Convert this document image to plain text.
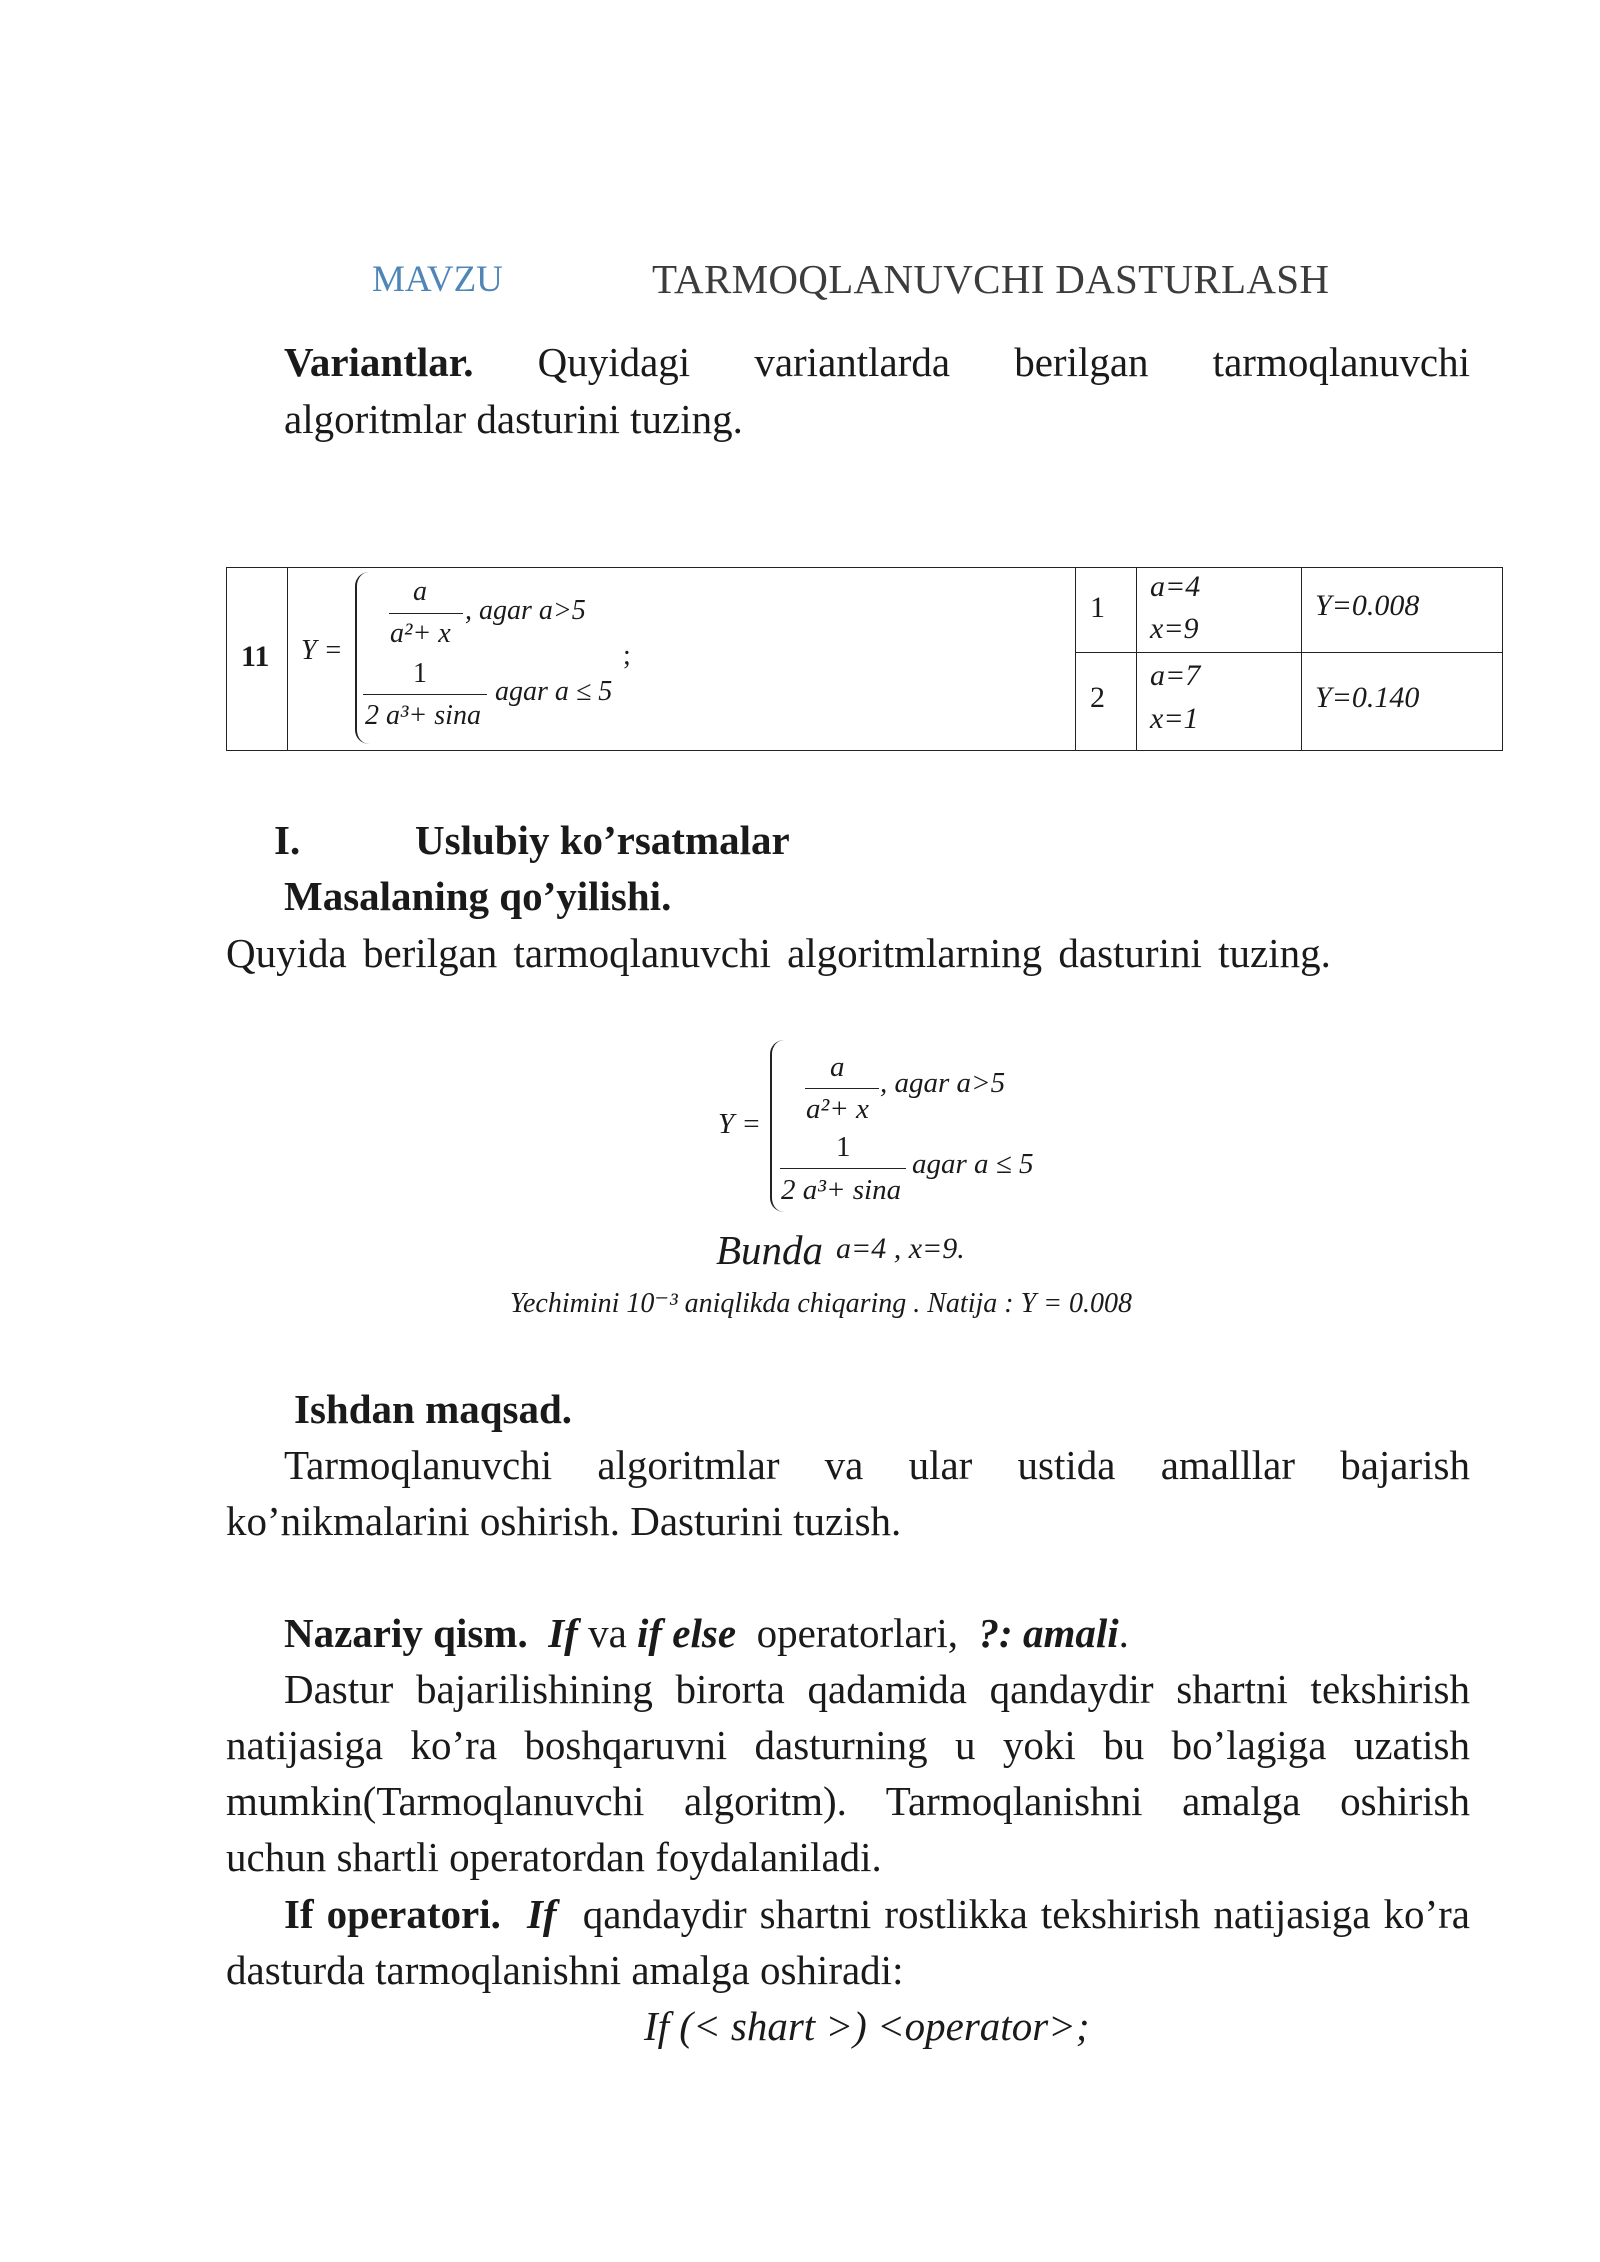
MAVZU	TARMOQLANUVCHI DASTURLASH
Variantlar. Quyidagi variantlarda berilgan tarmoqlanuvchi
algoritmlar dasturini tuzing.
11 Y =
a
a²+ x
, agar a>5
1
2 a³+ sina
agar a ≤ 5
;
1
a=4
x=9
Y=0.008
2
a=7
x=1
Y=0.140
I.	Uslubiy ko’rsatmalar
Masalaning qo’yilishi.
Quyida berilgan tarmoqlanuvchi algoritmlarning dasturini tuzing.
Y =
a
a²+ x
, agar a>5
1
2 a³+ sina
agar a ≤ 5
Bunda a=4 , x=9.
Yechimini 10⁻³ aniqlikda chiqaring . Natija : Y = 0.008
Ishdan maqsad.
Tarmoqlanuvchi algoritmlar va ular ustida amalllar bajarish
ko’nikmalarini oshirish. Dasturini tuzish.
Nazariy qism. If va if else operatorlari, ?: amali.
Dastur bajarilishining birorta qadamida qandaydir shartni tekshirish
natijasiga ko’ra boshqaruvni dasturning u yoki bu bo’lagiga uzatish
mumkin(Tarmoqlanuvchi algoritm). Tarmoqlanishni amalga oshirish
uchun shartli operatordan foydalaniladi.
If operatori. If qandaydir shartni rostlikka tekshirish natijasiga ko’ra
dasturda tarmoqlanishni amalga oshiradi:
If (< shart >) <operator>;
